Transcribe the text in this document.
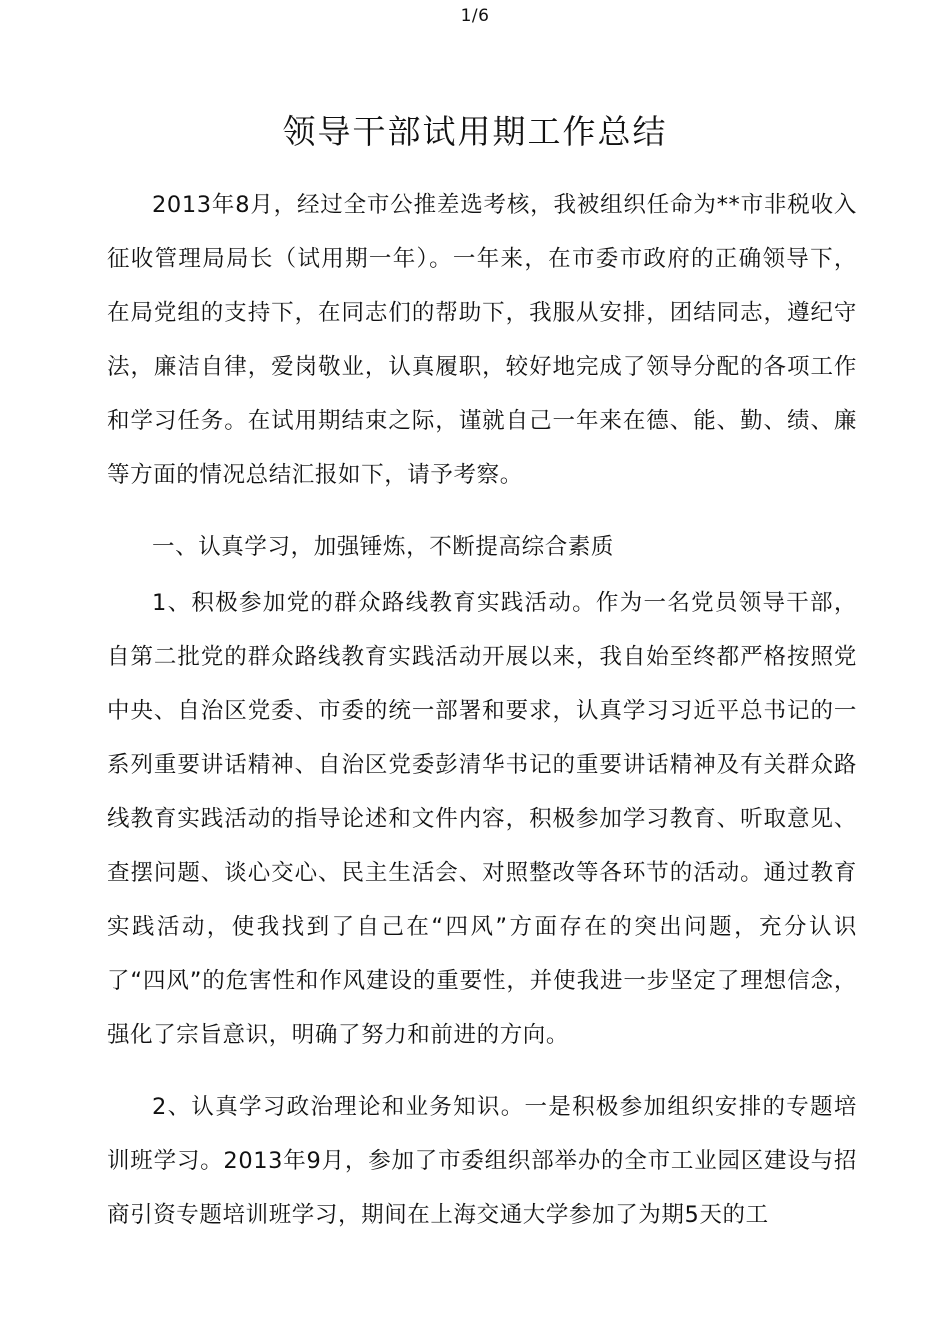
1/6
领导干部试用期工作总结

2013年8月，经过全市公推差选考核，我被组织任命为**市非税收入征收管理局局长（试用期一年）。一年来，在市委市政府的正确领导下，在局党组的支持下，在同志们的帮助下，我服从安排，团结同志，遵纪守法，廉洁自律，爱岗敬业，认真履职，较好地完成了领导分配的各项工作和学习任务。在试用期结束之际，谨就自己一年来在德、能、勤、绩、廉等方面的情况总结汇报如下，请予考察。

一、认真学习，加强锤炼，不断提高综合素质

1、积极参加党的群众路线教育实践活动。作为一名党员领导干部，自第二批党的群众路线教育实践活动开展以来，我自始至终都严格按照党中央、自治区党委、市委的统一部署和要求，认真学习习近平总书记的一系列重要讲话精神、自治区党委彭清华书记的重要讲话精神及有关群众路线教育实践活动的指导论述和文件内容，积极参加学习教育、听取意见、查摆问题、谈心交心、民主生活会、对照整改等各环节的活动。通过教育实践活动，使我找到了自己在“四风”方面存在的突出问题，充分认识了“四风”的危害性和作风建设的重要性，并使我进一步坚定了理想信念，强化了宗旨意识，明确了努力和前进的方向。

2、认真学习政治理论和业务知识。一是积极参加组织安排的专题培训班学习。2013年9月，参加了市委组织部举办的全市工业园区建设与招商引资专题培训班学习，期间在上海交通大学参加了为期5天的工
